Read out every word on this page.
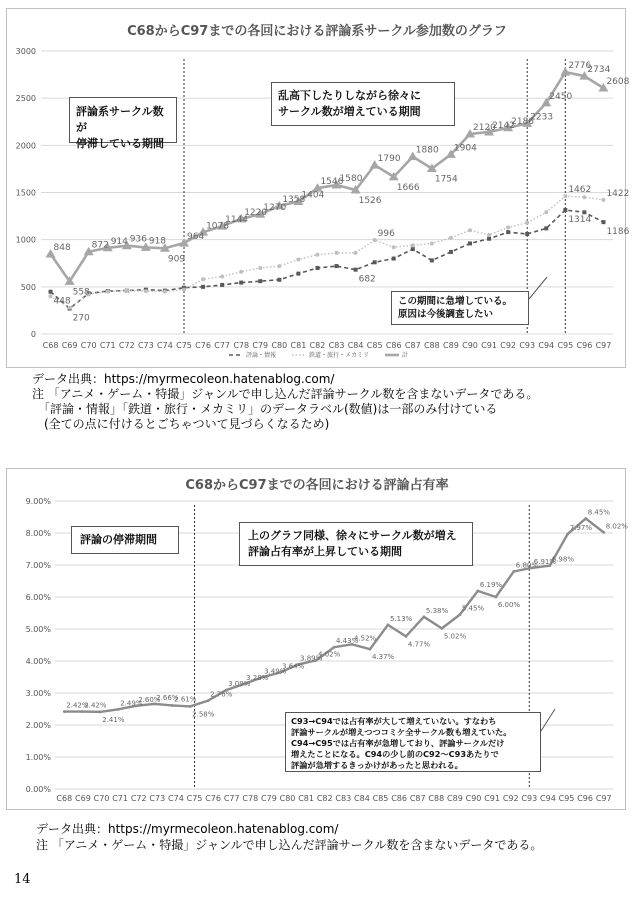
C68からC97までの各回における評論系サークル参加数のグラフ
0
500
1000
1500
2000
2500
3000
C68 C69 C70 C71 C72 C73 C74 C75 C76 C77 C78 C79 C80 C81 C82 C83 C84 C85 C86 C87 C88 C89 C90 C91 C92 C93 C94 C95 C96 C97
848
558
872 914 936 918
909
964
1078
1144
1220
1270
1358
1404
1546
1580
1526
1790
1666
1880
1754
1904
2120
2142
2186
2233
2450
2776
2734
2608
448
270
682
1314
1186
996
1462 1422
評論・情報	鉄道・旅行・メカミリ	計
評論系サークル数が
停滞している期間
乱高下したりしながら徐々に
サークル数が増えている期間
この期間に急増している。
原因は今後調査したい
データ出典：https://myrmecoleon.hatenablog.com/
注 「アニメ・ゲーム・特撮」ジャンルで申し込んだ評論サークル数を含まないデータである。
　「評論・情報」「鉄道・旅行・メカミリ」のデータラベル(数値)は一部のみ付けている
　(全ての点に付けるとごちゃついて見づらくなるため)
C68からC97までの各回における評論占有率
0.00%
1.00%
2.00%
3.00%
4.00%
5.00%
6.00%
7.00%
8.00%
9.00%
C68 C69 C70 C71 C72 C73 C74 C75 C76 C77 C78 C79 C80 C81 C82 C83 C84 C85 C86 C87 C88 C89 C90 C91 C92 C93 C94 C95 C96 C97
2.42%
2.42%
2.41%
2.49%
2.60%
2.66%
2.61%
2.58%
2.76%
3.09%
3.28%
3.49%
3.64%
3.89%
4.02%
4.43%
4.52%
4.37%
5.13%
4.77%
5.38%
5.02%
5.45%
6.19%
6.00%
6.80%
6.91%
6.98%
7.97%
8.45%
8.02%
評論の停滞期間	上のグラフ同様、徐々にサークル数が増え
評論占有率が上昇している期間
C93→C94では占有率が大して増えていない。すなわち
評論サークルが増えつつコミケ全サークル数も増えていた。
C94→C95では占有率が急増しており、評論サークルだけ
増えたことになる。C94の少し前のC92～C93あたりで
評論が急増するきっかけがあったと思われる。
データ出典：https://myrmecoleon.hatenablog.com/
注 「アニメ・ゲーム・特撮」ジャンルで申し込んだ評論サークル数を含まないデータである。
14
